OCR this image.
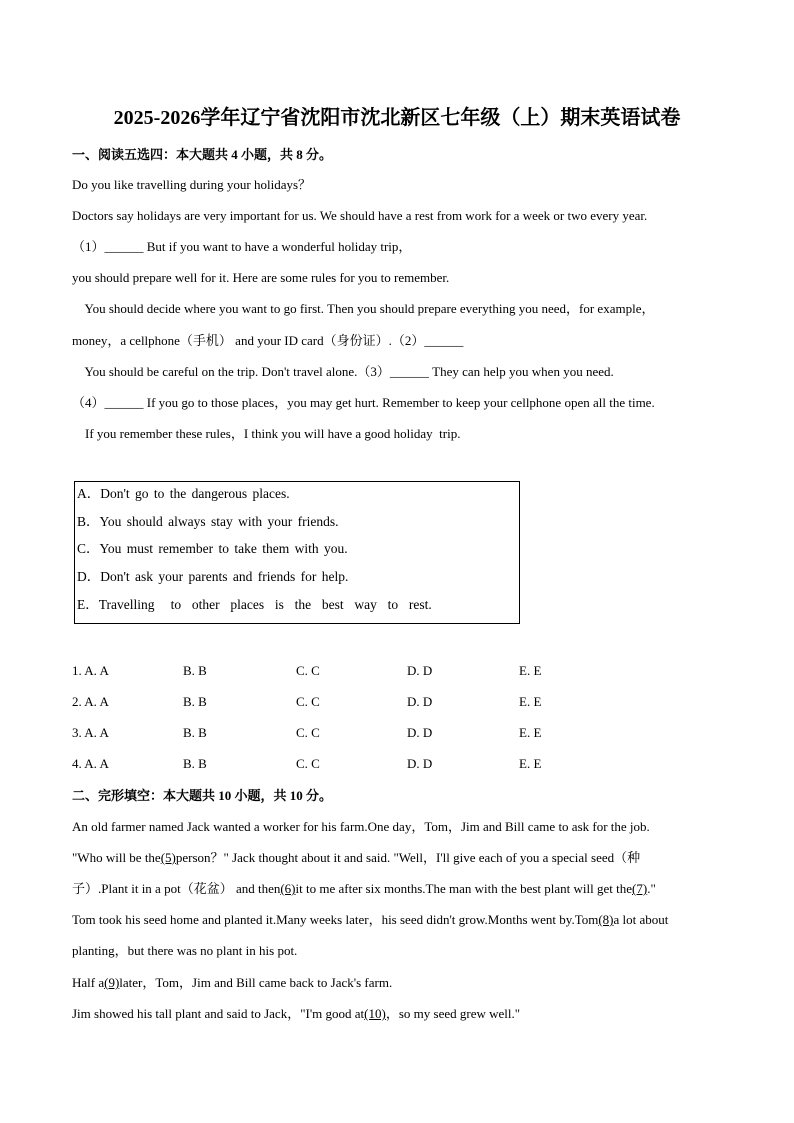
2025-2026学年辽宁省沈阳市沈北新区七年级（上）期末英语试卷
一、阅读五选四：本大题共 4 小题，共 8 分。
Do you like travelling during your holidays？
Doctors say holidays are very important for us. We should have a rest from work for a week or two every year.
（1）______ But if you want to have a wonderful holiday trip，
you should prepare well for it. Here are some rules for you to remember.
You should decide where you want to go first. Then you should prepare everything you need，for example，
money，a cellphone（手机） and your ID card（身份证）.（2）______
You should be careful on the trip. Don't travel alone.（3）______ They can help you when you need.
（4）______ If you go to those places，you may get hurt. Remember to keep your cellphone open all the time.
If you remember these rules，I think you will have a good holiday  trip.
A．Don't go to the dangerous places.
B．You should always stay with your friends.
C．You must remember to take them with you.
D．Don't ask your parents and friends for help.
E．Travelling   to  other  places  is  the  best  way  to  rest.
1. A. A	B. B	C. C	D. D	E. E
2. A. A	B. B	C. C	D. D	E. E
3. A. A	B. B	C. C	D. D	E. E
4. A. A	B. B	C. C	D. D	E. E
二、完形填空：本大题共 10 小题，共 10 分。
An old farmer named Jack wanted a worker for his farm.One day，Tom，Jim and Bill came to ask for the job.
"Who will be the(5)person？" Jack thought about it and said. "Well，I'll give each of you a special seed（种
子）.Plant it in a pot（花盆） and then(6)it to me after six months.The man with the best plant will get the(7)."
Tom took his seed home and planted it.Many weeks later，his seed didn't grow.Months went by.Tom(8)a lot about
planting，but there was no plant in his pot.
Half a(9)later，Tom，Jim and Bill came back to Jack's farm.
Jim showed his tall plant and said to Jack，"I'm good at(10)，so my seed grew well."
